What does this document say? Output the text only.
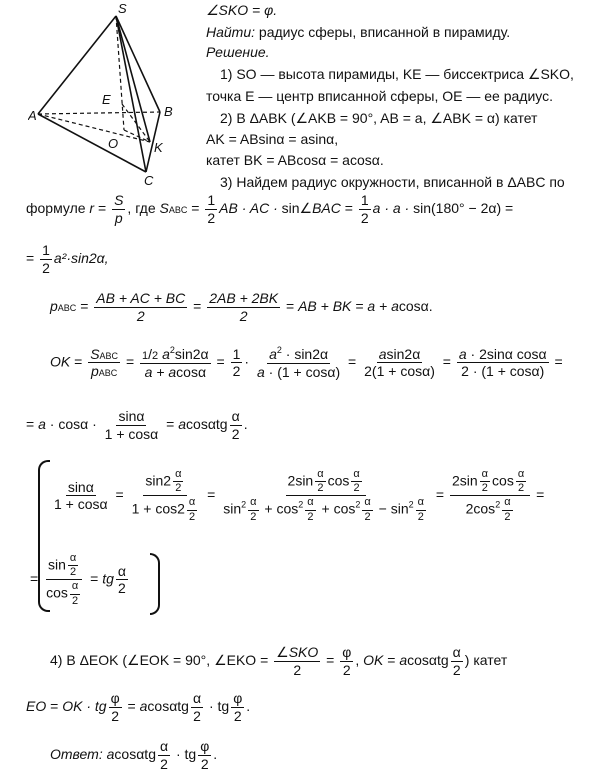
S
A	B
C
E
O	K
∠SKO = φ.
Найти: радиус сферы, вписанной в пирамиду.
Решение.
1) SO — высота пирамиды, KE — биссектриса ∠SKO,
точка E — центр вписанной сферы, OE — ее радиус.
2) В ΔABK (∠AKB = 90°, AB = a, ∠ABK = α) катет
AK = ABsinα = asinα,
катет BK = ABcosα = acosα.
3) Найдем радиус окружности, вписанной в ΔABC по
формуле $r = \frac{S}{p}$ , где SABC = $\frac{1}{2}$ AB · AC · sin∠BAC = $\frac{1}{2}$ a · a · sin(180° − 2α) =
= $\frac{1}{2} a^2\cdot\sin 2\alpha$,
pABC = $\frac{AB + AC + BC}{2} = \frac{2AB + 2BK}{2}$ = AB + BK = a + acosα.
OK = SABC
pABC
= $\frac{1/2 a^2\sin 2\alpha}{a + acos\alpha} = \frac{1}{2} \cdot \frac{a^2 \cdot \sin 2\alpha}{a \cdot (1 + \cos\alpha)} = \frac{asin2\alpha}{2(1 + \cos\alpha)} = \frac{\text{a · 2sinα cosα}}{2 \cdot (1 + \cos\alpha)}$ =
= $a \cdot \cos\alpha \cdot \frac{\sin\alpha}{1 + \cos\alpha} = acos\alpha tg \frac{\alpha}{2}$ .
$\frac{\sin\alpha}{1 + \cos\alpha} = \frac{\sin 2 \frac{\alpha}{2}}{1 + \cos 2 \frac{\alpha}{2}} = \frac{2\sin \frac{\alpha}{2} \cos \frac{\alpha}{2}}{\sin^2 \frac{\alpha}{2} + \cos^2 \frac{\alpha}{2} + \cos^2 \frac{\alpha}{2} - \sin^2 \frac{\alpha}{2}} = \frac{2\sin \frac{\alpha}{2} \cos \frac{\alpha}{2}}{2\cos^2 \frac{\alpha}{2}}$ =
= $\frac{\sin \frac{\alpha}{2}}{\cos \frac{\alpha}{2}}$ = tg $\frac{\alpha}{2}$
4) В ΔEOK (∠EOK = 90°, ∠EKO = ∠SKO
2
= $\frac{\varphi}{2}$ , OK = acosαtg $\frac{\alpha}{2}$ ) катет
EO = OK · tg $\frac{\varphi}{2} = acos\alpha tg \frac{\alpha}{2}$ · tg $\frac{\varphi}{2}$ .
Ответ: acosαtg $\frac{\alpha}{2}$ · tg $\frac{\varphi}{2}$ .
